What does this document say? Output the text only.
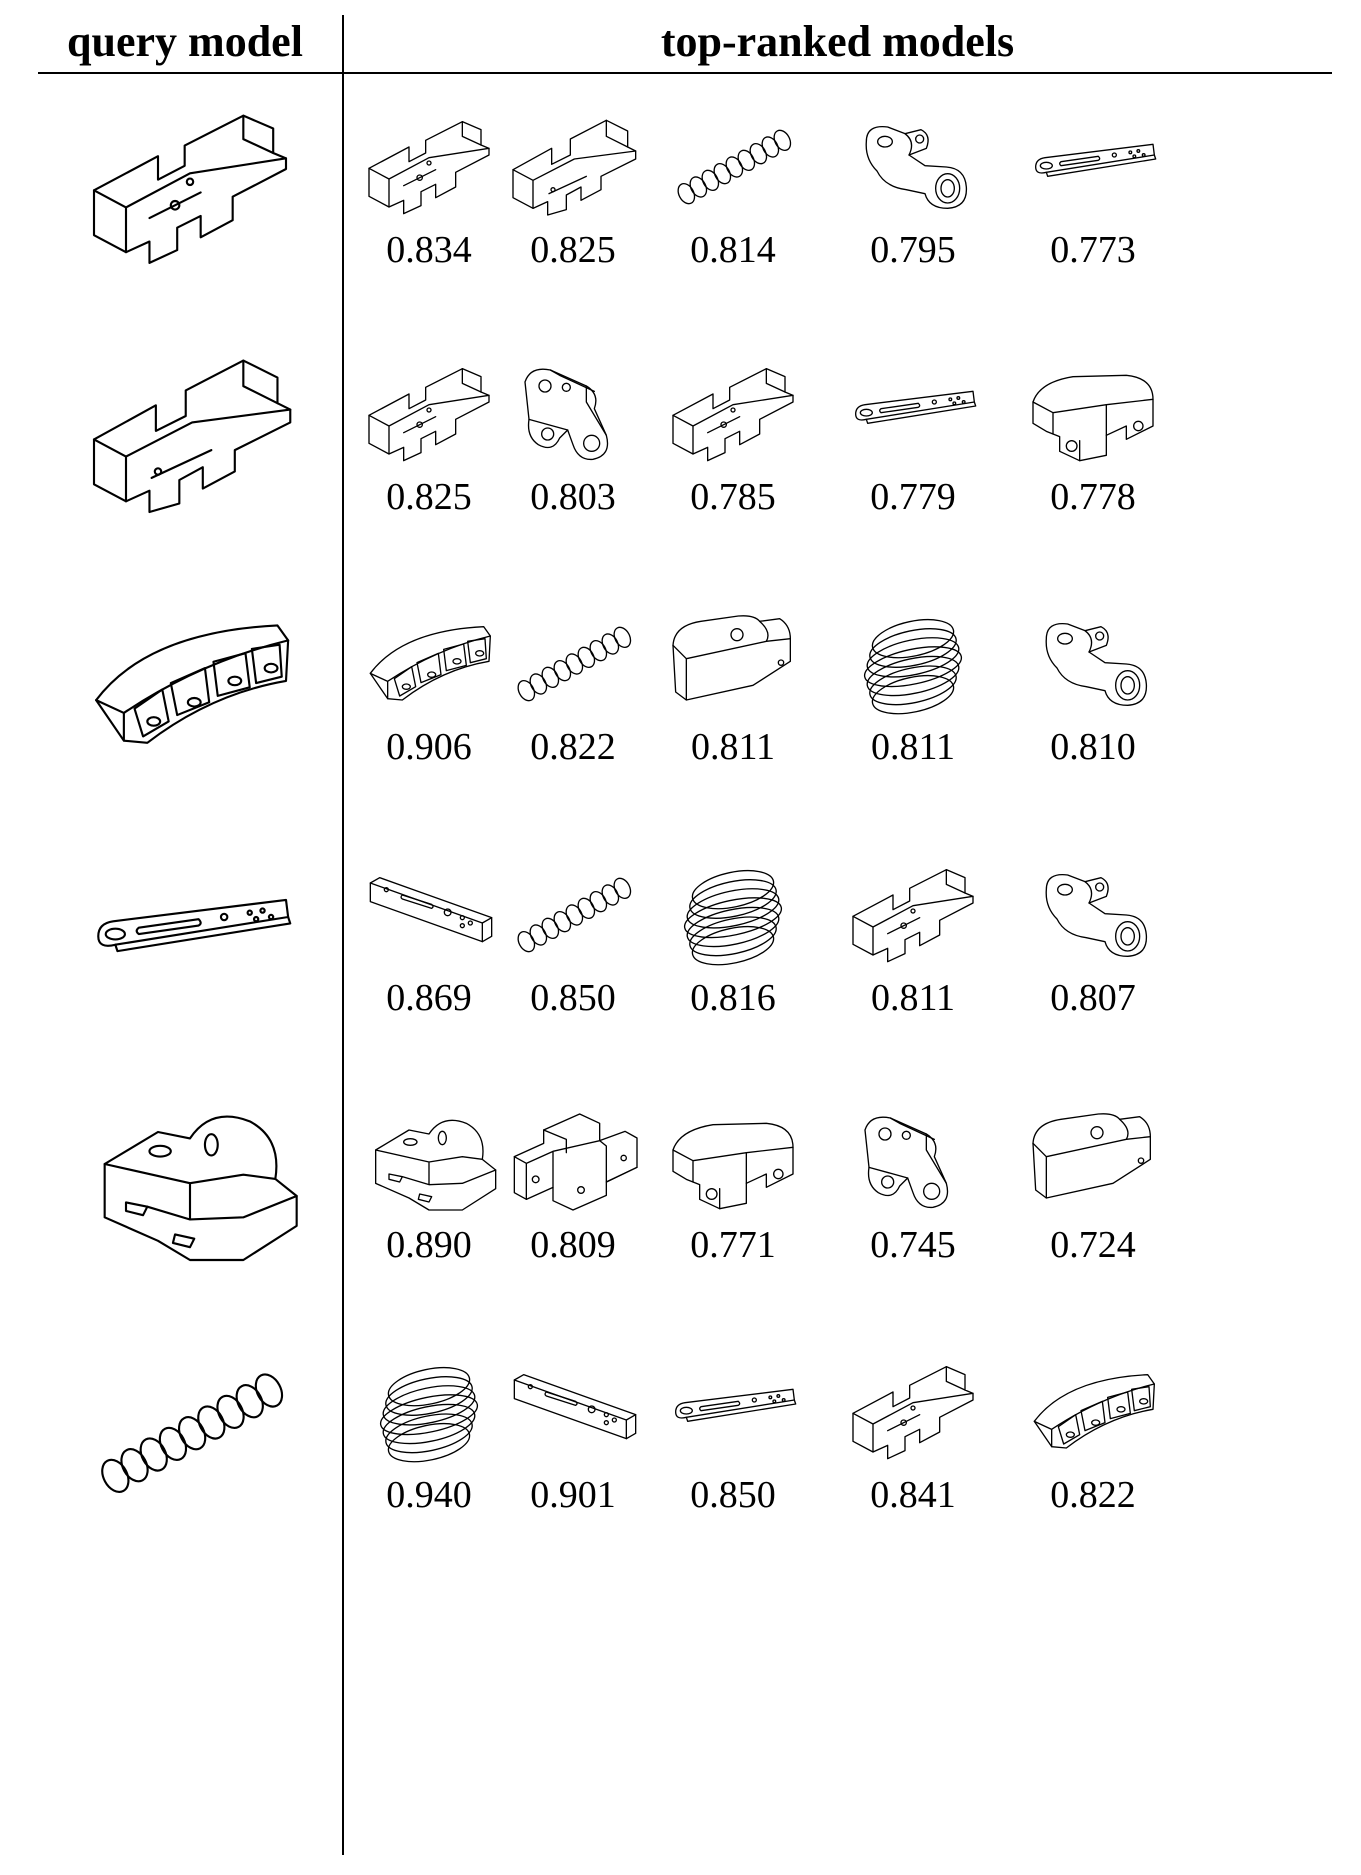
query model	top-ranked models
0.834	0.825	0.814	0.795	0.773
0.825	0.803	0.785	0.779	0.778
0.906	0.822	0.811	0.811	0.810
0.869	0.850	0.816	0.811	0.807
0.890	0.809	0.771	0.745	0.724
0.940	0.901	0.850	0.841	0.822
